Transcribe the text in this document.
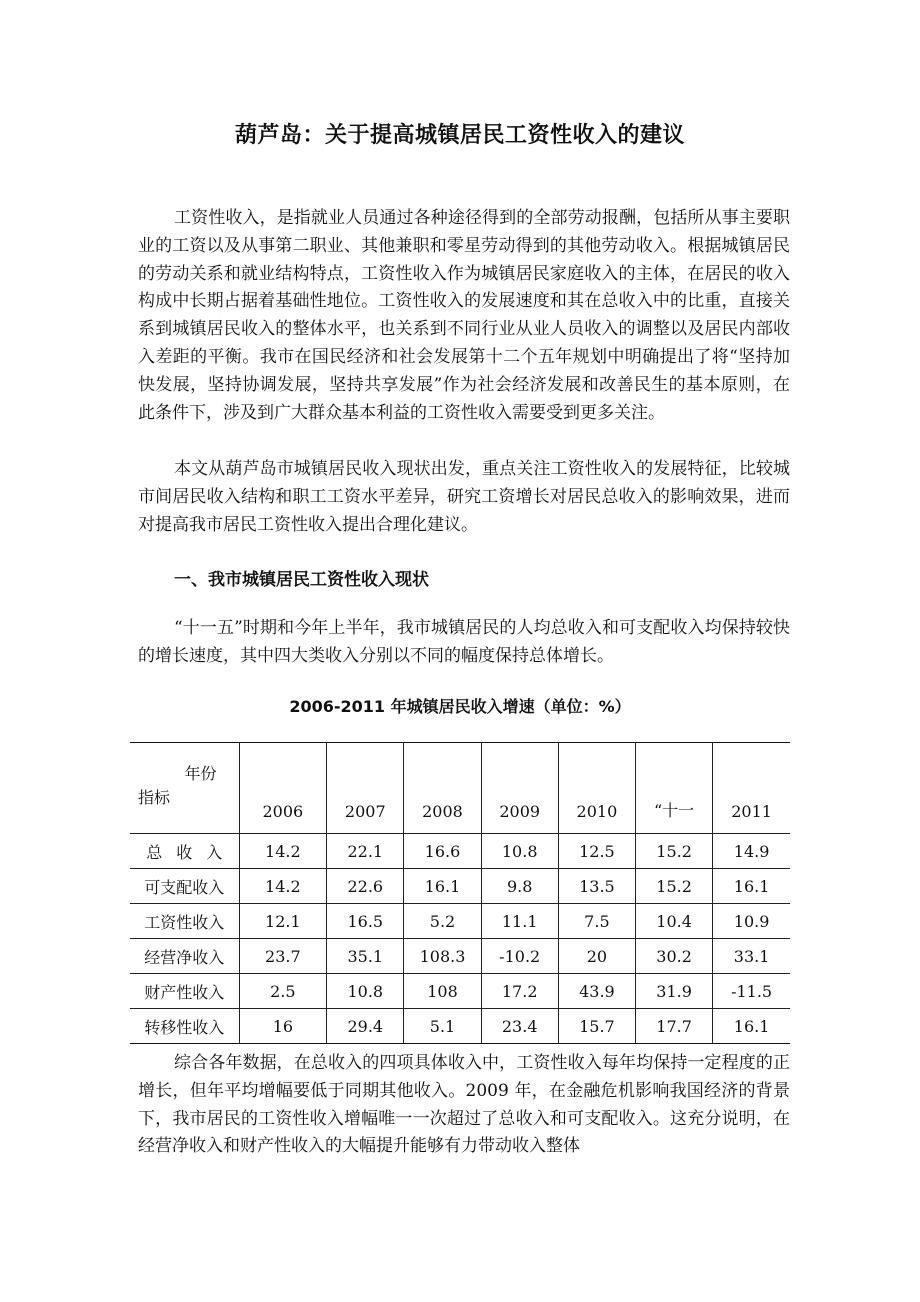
葫芦岛：关于提高城镇居民工资性收入的建议

工资性收入，是指就业人员通过各种途径得到的全部劳动报酬，包括所从事主要职业的工资以及从事第二职业、其他兼职和零星劳动得到的其他劳动收入。根据城镇居民的劳动关系和就业结构特点，工资性收入作为城镇居民家庭收入的主体，在居民的收入构成中长期占据着基础性地位。工资性收入的发展速度和其在总收入中的比重，直接关系到城镇居民收入的整体水平，也关系到不同行业从业人员收入的调整以及居民内部收入差距的平衡。我市在国民经济和社会发展第十二个五年规划中明确提出了将“坚持加快发展，坚持协调发展，坚持共享发展”作为社会经济发展和改善民生的基本原则，在此条件下，涉及到广大群众基本利益的工资性收入需要受到更多关注。

本文从葫芦岛市城镇居民收入现状出发，重点关注工资性收入的发展特征，比较城市间居民收入结构和职工工资水平差异，研究工资增长对居民总收入的影响效果，进而对提高我市居民工资性收入提出合理化建议。

一、我市城镇居民工资性收入现状

“十一五”时期和今年上半年，我市城镇居民的人均总收入和可支配收入均保持较快的增长速度，其中四大类收入分别以不同的幅度保持总体增长。

2006-2011 年城镇居民收入增速（单位：%）
年份
指标	2006	2007	2008	2009	2010	“十一	2011
总收入	14.2	22.1	16.6	10.8	12.5	15.2	14.9
可支配收入	14.2	22.6	16.1	9.8	13.5	15.2	16.1
工资性收入	12.1	16.5	5.2	11.1	7.5	10.4	10.9
经营净收入	23.7	35.1	108.3	-10.2	20	30.2	33.1
财产性收入	2.5	10.8	108	17.2	43.9	31.9	-11.5
转移性收入	16	29.4	5.1	23.4	15.7	17.7	16.1

综合各年数据，在总收入的四项具体收入中，工资性收入每年均保持一定程度的正增长，但年平均增幅要低于同期其他收入。2009 年，在金融危机影响我国经济的背景下，我市居民的工资性收入增幅唯一一次超过了总收入和可支配收入。这充分说明，在经营净收入和财产性收入的大幅提升能够有力带动收入整体
